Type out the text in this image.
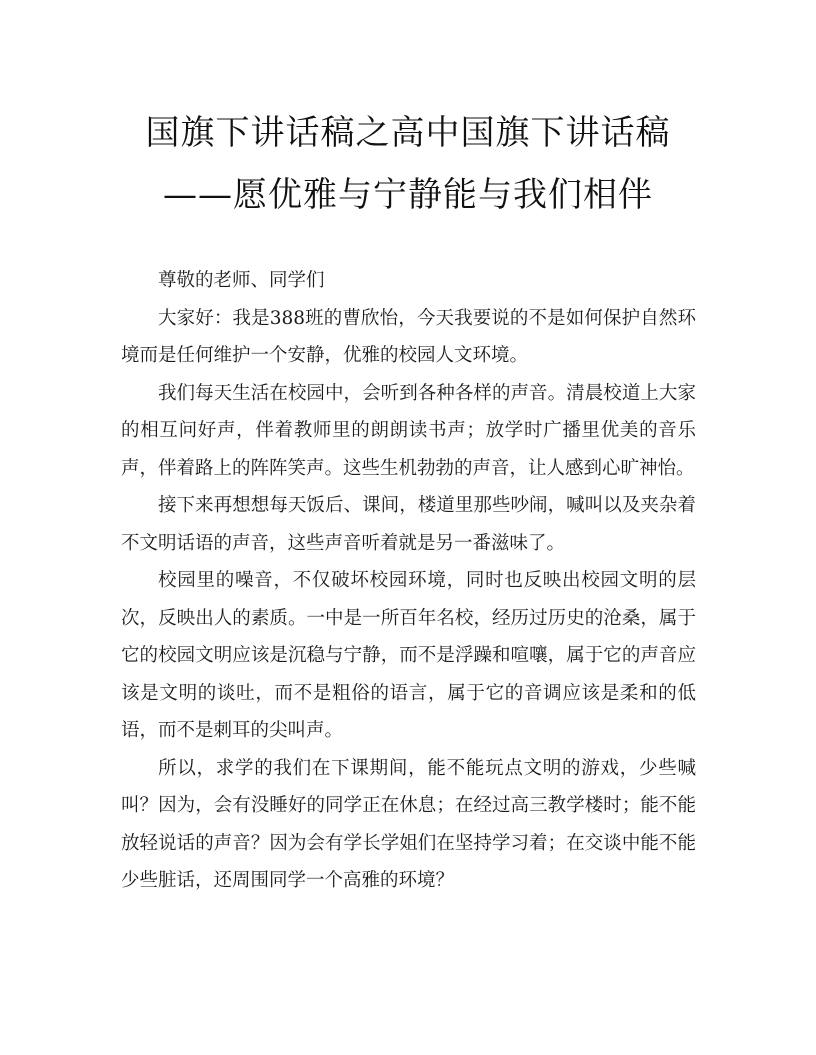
国旗下讲话稿之高中国旗下讲话稿
——愿优雅与宁静能与我们相伴

尊敬的老师、同学们

大家好：我是388班的曹欣怡，今天我要说的不是如何保护自然环境而是任何维护一个安静，优雅的校园人文环境。

我们每天生活在校园中，会听到各种各样的声音。清晨校道上大家的相互问好声，伴着教师里的朗朗读书声；放学时广播里优美的音乐声，伴着路上的阵阵笑声。这些生机勃勃的声音，让人感到心旷神怡。

接下来再想想每天饭后、课间，楼道里那些吵闹，喊叫以及夹杂着不文明话语的声音，这些声音听着就是另一番滋味了。

校园里的噪音，不仅破坏校园环境，同时也反映出校园文明的层次，反映出人的素质。一中是一所百年名校，经历过历史的沧桑，属于它的校园文明应该是沉稳与宁静，而不是浮躁和喧嚷，属于它的声音应该是文明的谈吐，而不是粗俗的语言，属于它的音调应该是柔和的低语，而不是刺耳的尖叫声。

所以，求学的我们在下课期间，能不能玩点文明的游戏，少些喊叫？因为，会有没睡好的同学正在休息；在经过高三教学楼时；能不能放轻说话的声音？因为会有学长学姐们在坚持学习着；在交谈中能不能少些脏话，还周围同学一个高雅的环境？
